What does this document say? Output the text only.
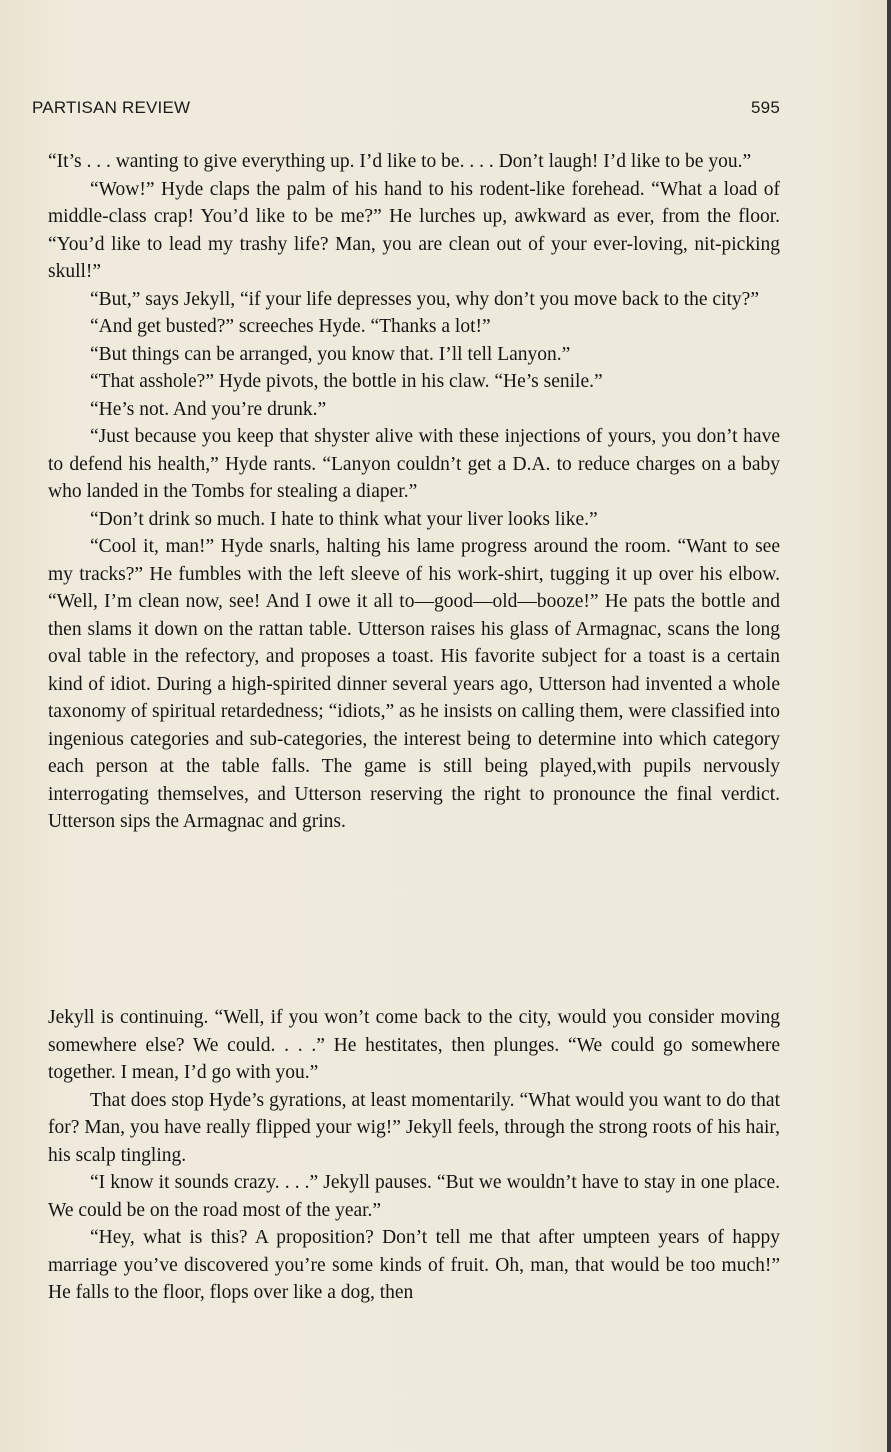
PARTISAN REVIEW	595

“It’s . . . wanting to give everything up. I’d like to be. . . . Don’t laugh! I’d like to be you.”

“Wow!” Hyde claps the palm of his hand to his rodent-like forehead. “What a load of middle-class crap! You’d like to be me?” He lurches up, awkward as ever, from the floor. “You’d like to lead my trashy life? Man, you are clean out of your ever-loving, nit-picking skull!”

“But,” says Jekyll, “if your life depresses you, why don’t you move back to the city?”

“And get busted?” screeches Hyde. “Thanks a lot!”

“But things can be arranged, you know that. I’ll tell Lanyon.”

“That asshole?” Hyde pivots, the bottle in his claw. “He’s senile.”

“He’s not. And you’re drunk.”

“Just because you keep that shyster alive with these injections of yours, you don’t have to defend his health,” Hyde rants. “Lanyon couldn’t get a D.A. to reduce charges on a baby who landed in the Tombs for stealing a diaper.”

“Don’t drink so much. I hate to think what your liver looks like.”

“Cool it, man!” Hyde snarls, halting his lame progress around the room. “Want to see my tracks?” He fumbles with the left sleeve of his work-shirt, tugging it up over his elbow. “Well, I’m clean now, see! And I owe it all to—good—old—booze!” He pats the bottle and then slams it down on the rattan table. Utterson raises his glass of Armagnac, scans the long oval table in the refectory, and proposes a toast. His favorite subject for a toast is a certain kind of idiot. During a high-spirited dinner several years ago, Utterson had invented a whole taxonomy of spiritual retardedness; “idiots,” as he insists on calling them, were classified into ingenious categories and sub-categories, the interest being to determine into which category each person at the table falls. The game is still being played,with pupils nervously interrogating themselves, and Utterson reserving the right to pronounce the final verdict. Utterson sips the Armagnac and grins.

Jekyll is continuing. “Well, if you won’t come back to the city, would you consider moving somewhere else? We could. . . .” He hestitates, then plunges. “We could go somewhere together. I mean, I’d go with you.”

That does stop Hyde’s gyrations, at least momentarily. “What would you want to do that for? Man, you have really flipped your wig!” Jekyll feels, through the strong roots of his hair, his scalp tingling.

“I know it sounds crazy. . . .” Jekyll pauses. “But we wouldn’t have to stay in one place. We could be on the road most of the year.”

“Hey, what is this? A proposition? Don’t tell me that after umpteen years of happy marriage you’ve discovered you’re some kinds of fruit. Oh, man, that would be too much!” He falls to the floor, flops over like a dog, then
